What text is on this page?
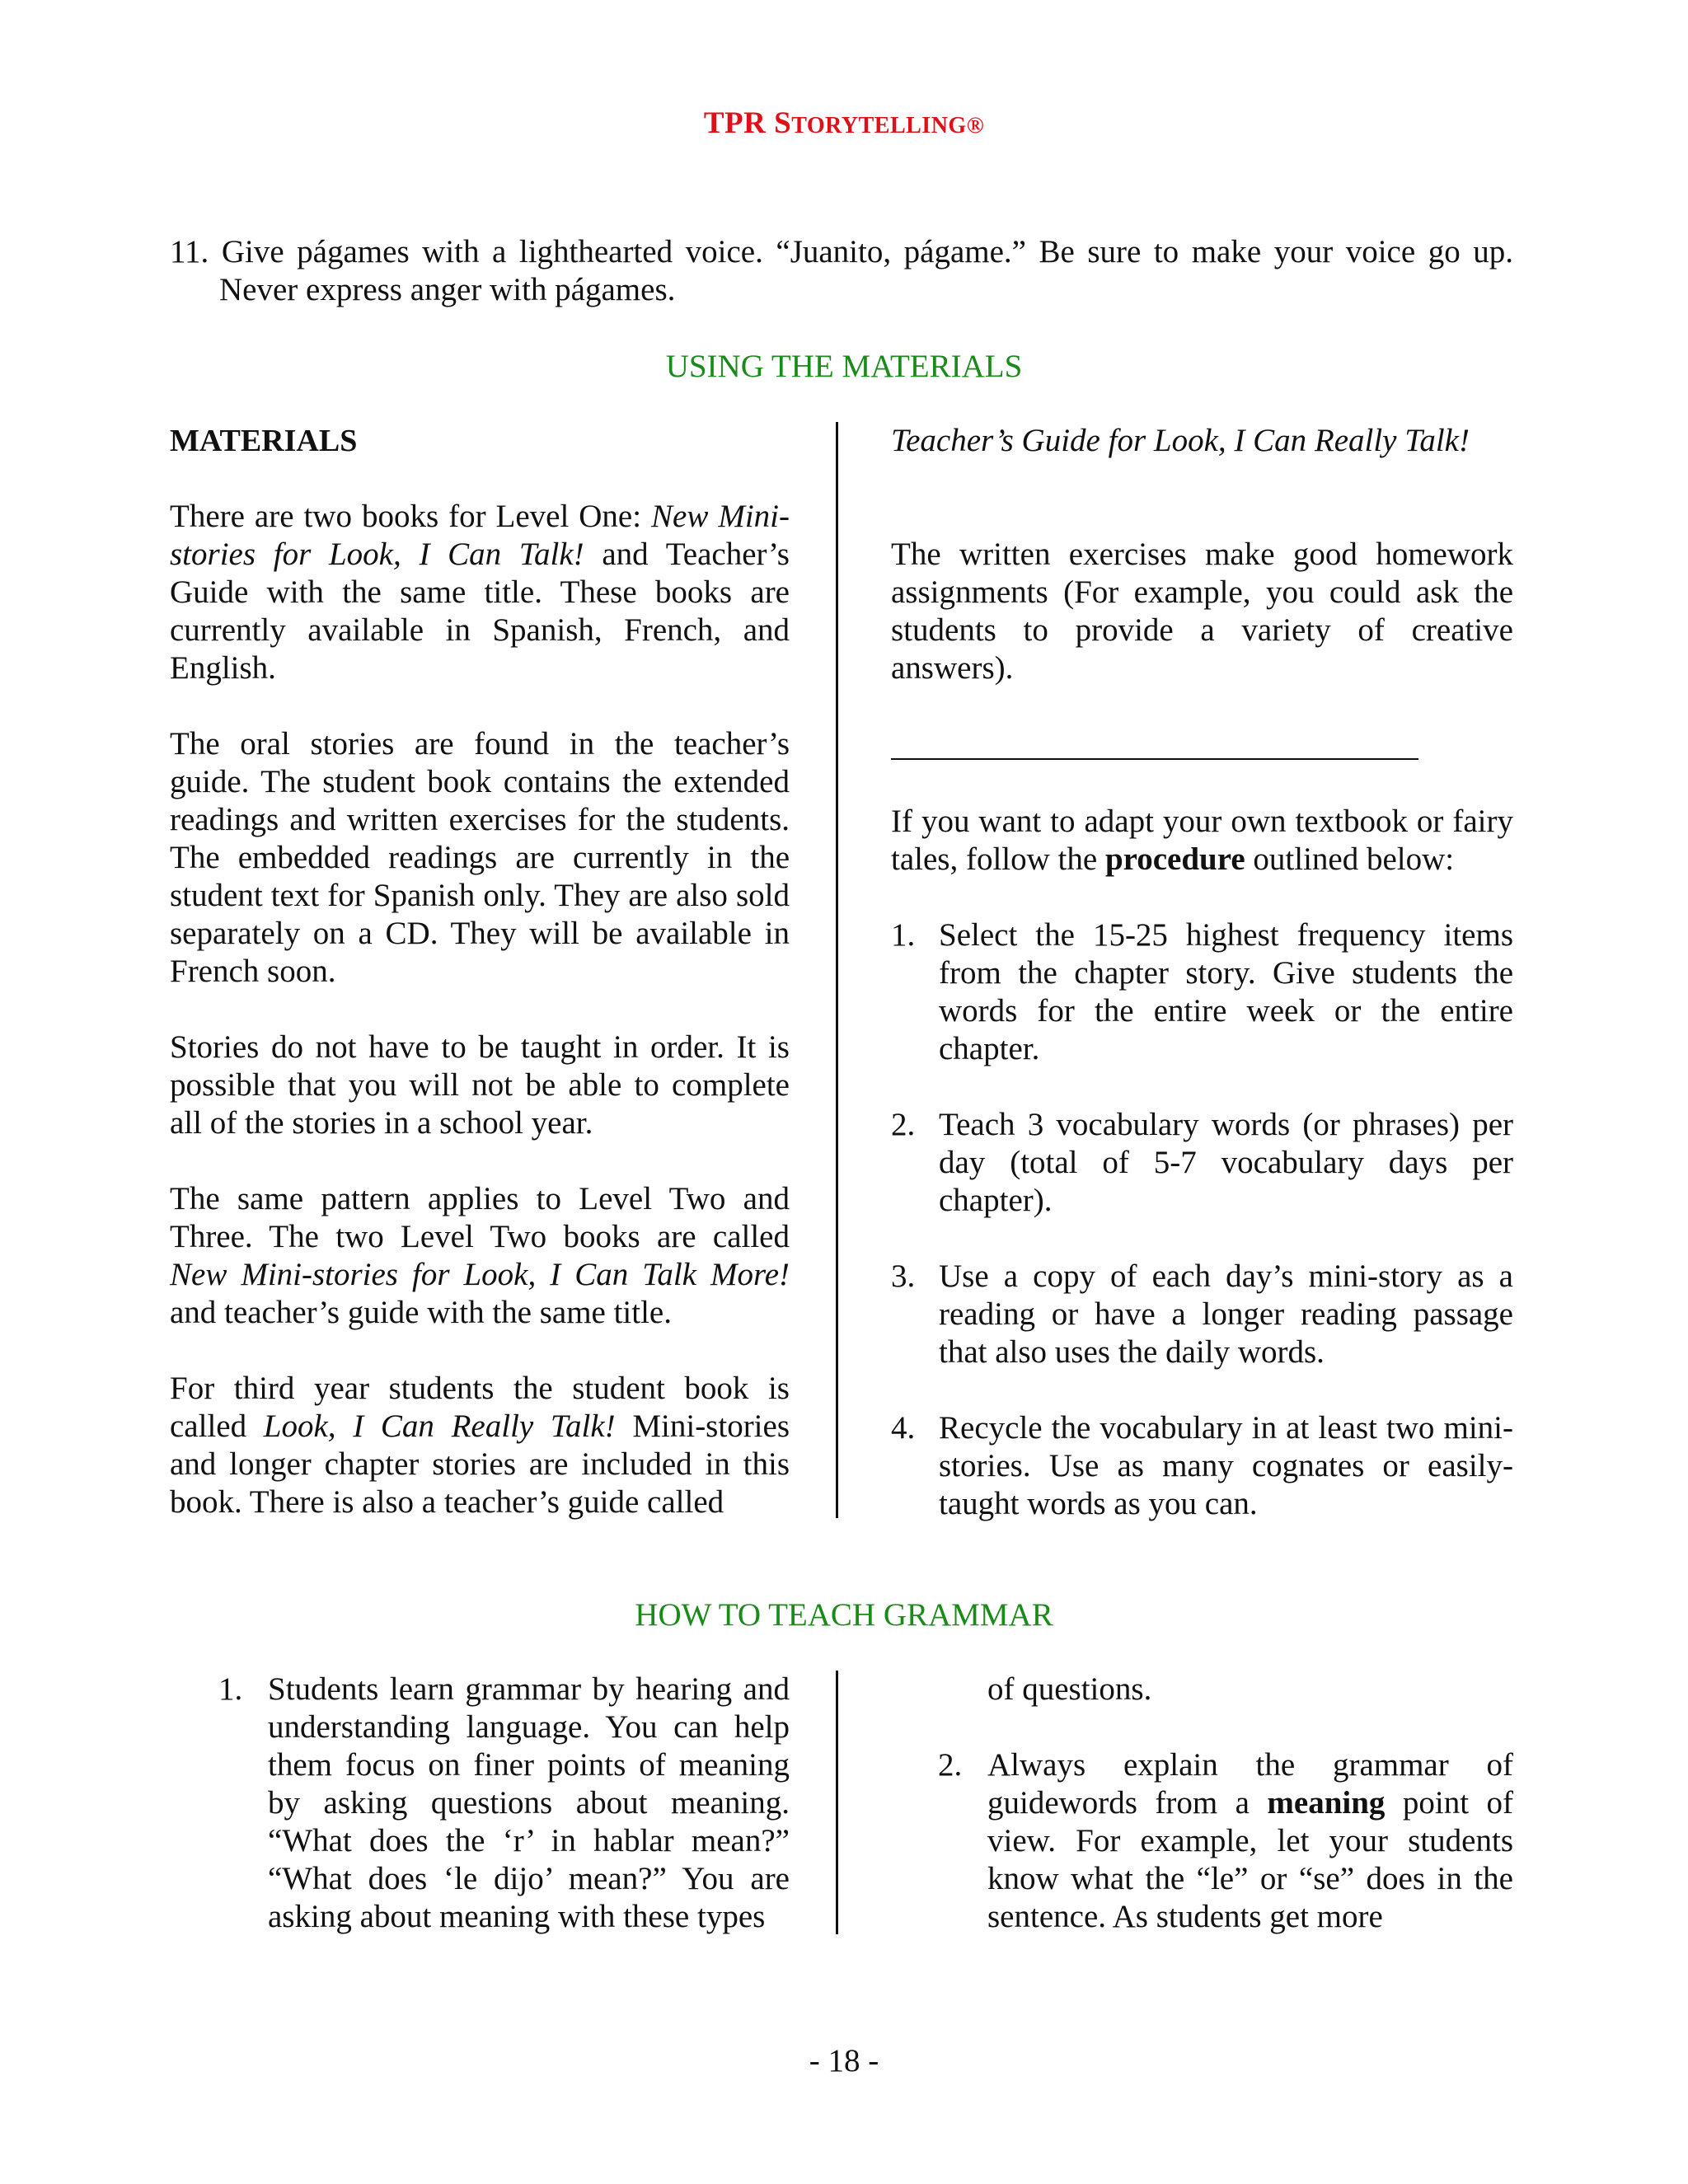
TPR STORYTELLING®

11. Give págames with a lighthearted voice. “Juanito, págame.” Be sure to make your voice go up. Never express anger with págames.

USING THE MATERIALS
MATERIALS

There are two books for Level One: New Mini-stories for Look, I Can Talk! and Teacher’s Guide with the same title. These books are currently available in Spanish, French, and English.

The oral stories are found in the teacher’s guide. The student book contains the extended readings and written exercises for the students. The embedded readings are currently in the student text for Spanish only. They are also sold separately on a CD. They will be available in French soon.

Stories do not have to be taught in order. It is possible that you will not be able to complete all of the stories in a school year.

The same pattern applies to Level Two and Three. The two Level Two books are called New Mini-stories for Look, I Can Talk More! and teacher’s guide with the same title.

For third year students the student book is called Look, I Can Really Talk! Mini-stories and longer chapter stories are included in this book. There is also a teacher’s guide called

Teacher’s Guide for Look, I Can Really Talk!

The written exercises make good homework assignments (For example, you could ask the students to provide a variety of creative answers).

If you want to adapt your own textbook or fairy tales, follow the procedure outlined below:

1. Select the 15-25 highest frequency items from the chapter story. Give students the words for the entire week or the entire chapter.
2. Teach 3 vocabulary words (or phrases) per day (total of 5-7 vocabulary days per chapter).
3. Use a copy of each day’s mini-story as a reading or have a longer reading passage that also uses the daily words.
4. Recycle the vocabulary in at least two mini-stories. Use as many cognates or easily-taught words as you can.
HOW TO TEACH GRAMMAR
1. Students learn grammar by hearing and understanding language. You can help them focus on finer points of meaning by asking questions about meaning. “What does the ‘r’ in hablar mean?” “What does ‘le dijo’ mean?” You are asking about meaning with these types
of questions.
2. Always explain the grammar of guidewords from a meaning point of view. For example, let your students know what the “le” or “se” does in the sentence. As students get more
- 18 -
